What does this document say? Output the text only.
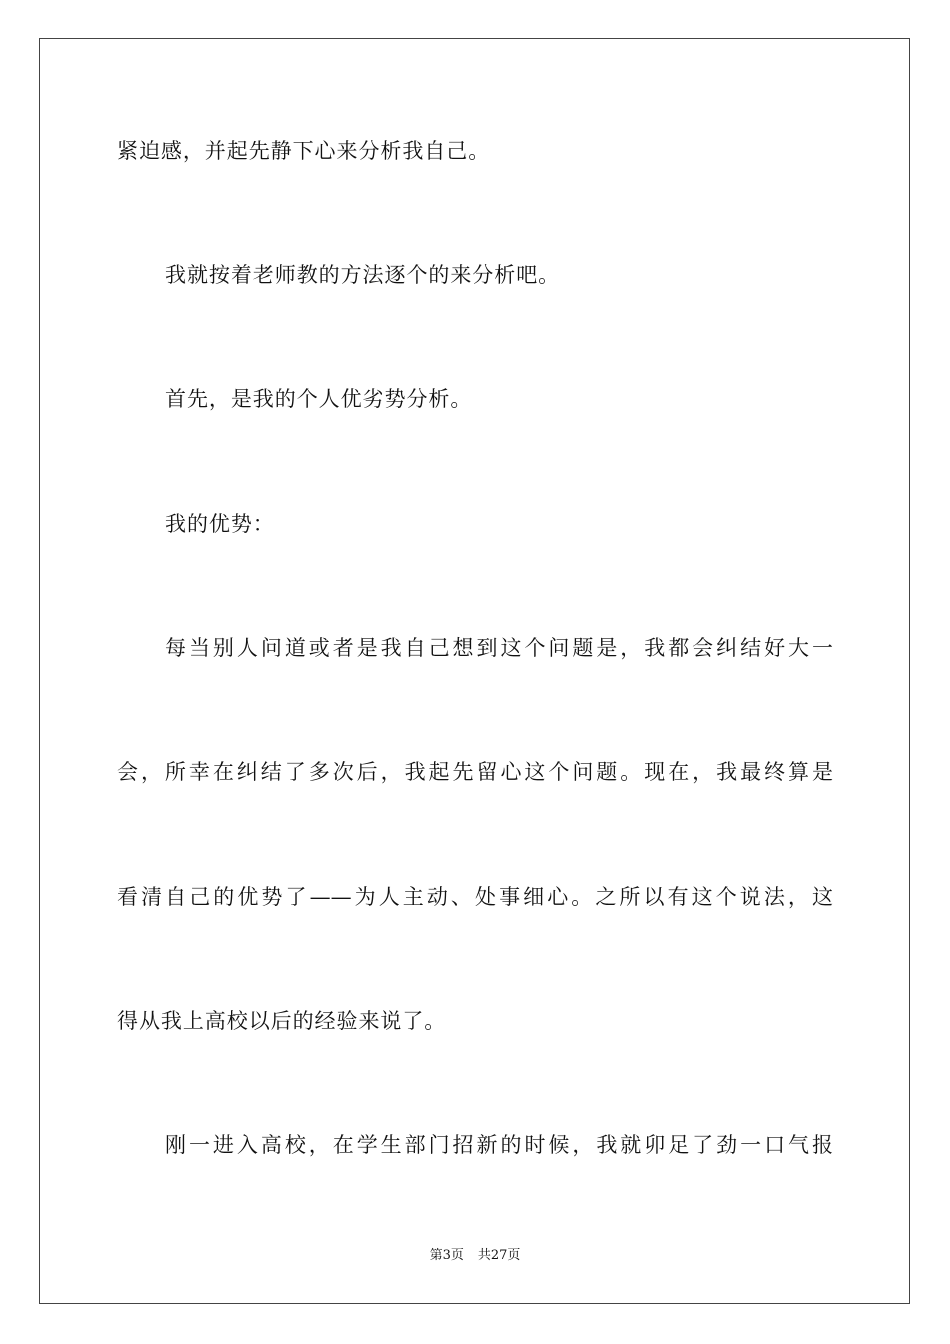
紧迫感，并起先静下心来分析我自己。
我就按着老师教的方法逐个的来分析吧。
首先，是我的个人优劣势分析。
我的优势：
每当别人问道或者是我自己想到这个问题是，我都会纠结好大一
会，所幸在纠结了多次后，我起先留心这个问题。现在，我最终算是
看清自己的优势了——为人主动、处事细心。之所以有这个说法，这
得从我上高校以后的经验来说了。
刚一进入高校，在学生部门招新的时候，我就卯足了劲一口气报
第3页 共27页
